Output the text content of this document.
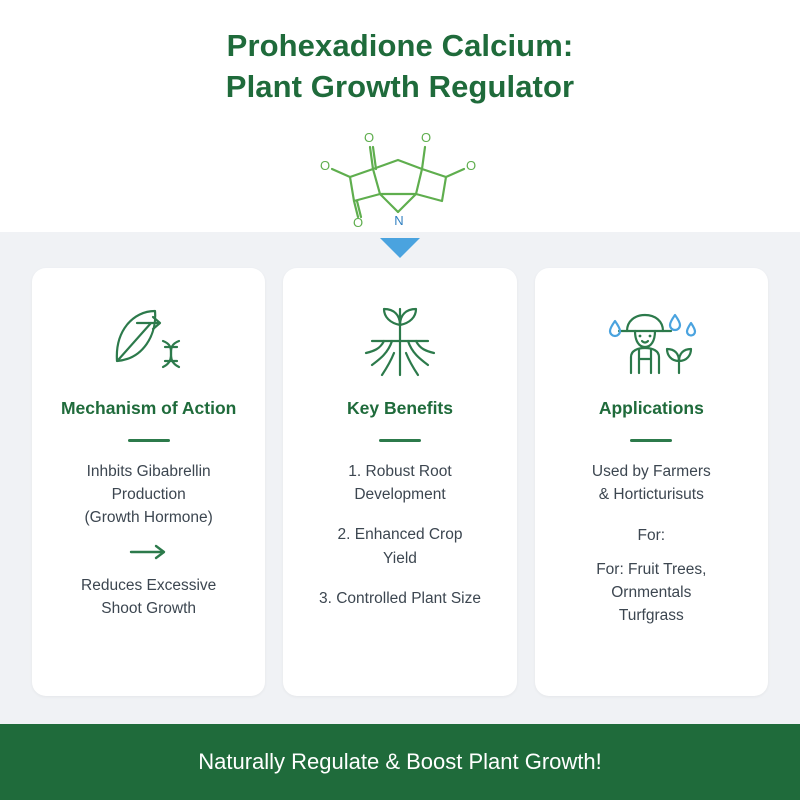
Prohexadione Calcium:
Plant Growth Regulator
O	O
O	O
O N
Mechanism of Action
Inhbits Gibabrellin
Production
(Growth Hormone)
Reduces Excessive
Shoot Growth
Key Benefits
1. Robust Root
Development
2. Enhanced Crop
Yield
3. Controlled Plant Size
Applications
Used by Farmers
& Horticturisuts
For:
For: Fruit Trees,
Ornmentals
Turfgrass
Naturally Regulate & Boost Plant Growth!
